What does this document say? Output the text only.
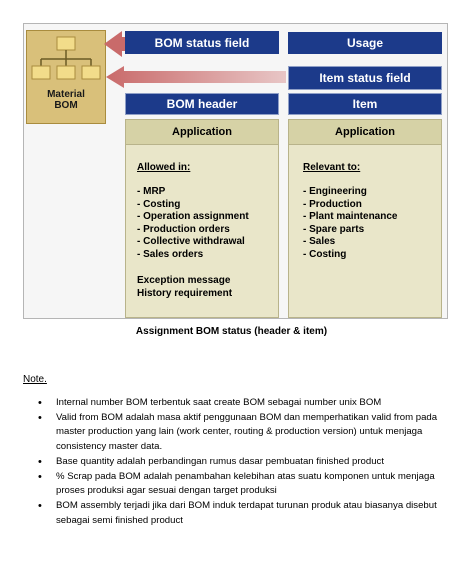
Material
BOM
BOM status field	Usage
Item status field
BOM header	Item
Application
Allowed in:
- MRP
- Costing
- Operation assignment
- Production orders
- Collective withdrawal
- Sales orders
Exception message
History requirement
Application
Relevant to:
- Engineering
- Production
- Plant maintenance
- Spare parts
- Sales
- Costing
Assignment BOM status (header & item)
Note.
• Internal number BOM terbentuk saat create BOM sebagai number unix BOM
• Valid from BOM adalah masa aktif penggunaan BOM dan memperhatikan valid from pada master production yang lain (work center, routing & production version) untuk menjaga consistency master data.
• Base quantity adalah perbandingan rumus dasar pembuatan finished product
• % Scrap pada BOM adalah penambahan kelebihan atas suatu komponen untuk menjaga proses produksi agar sesuai dengan target produksi
• BOM assembly terjadi jika dari BOM induk terdapat turunan produk atau biasanya disebut sebagai semi finished product
